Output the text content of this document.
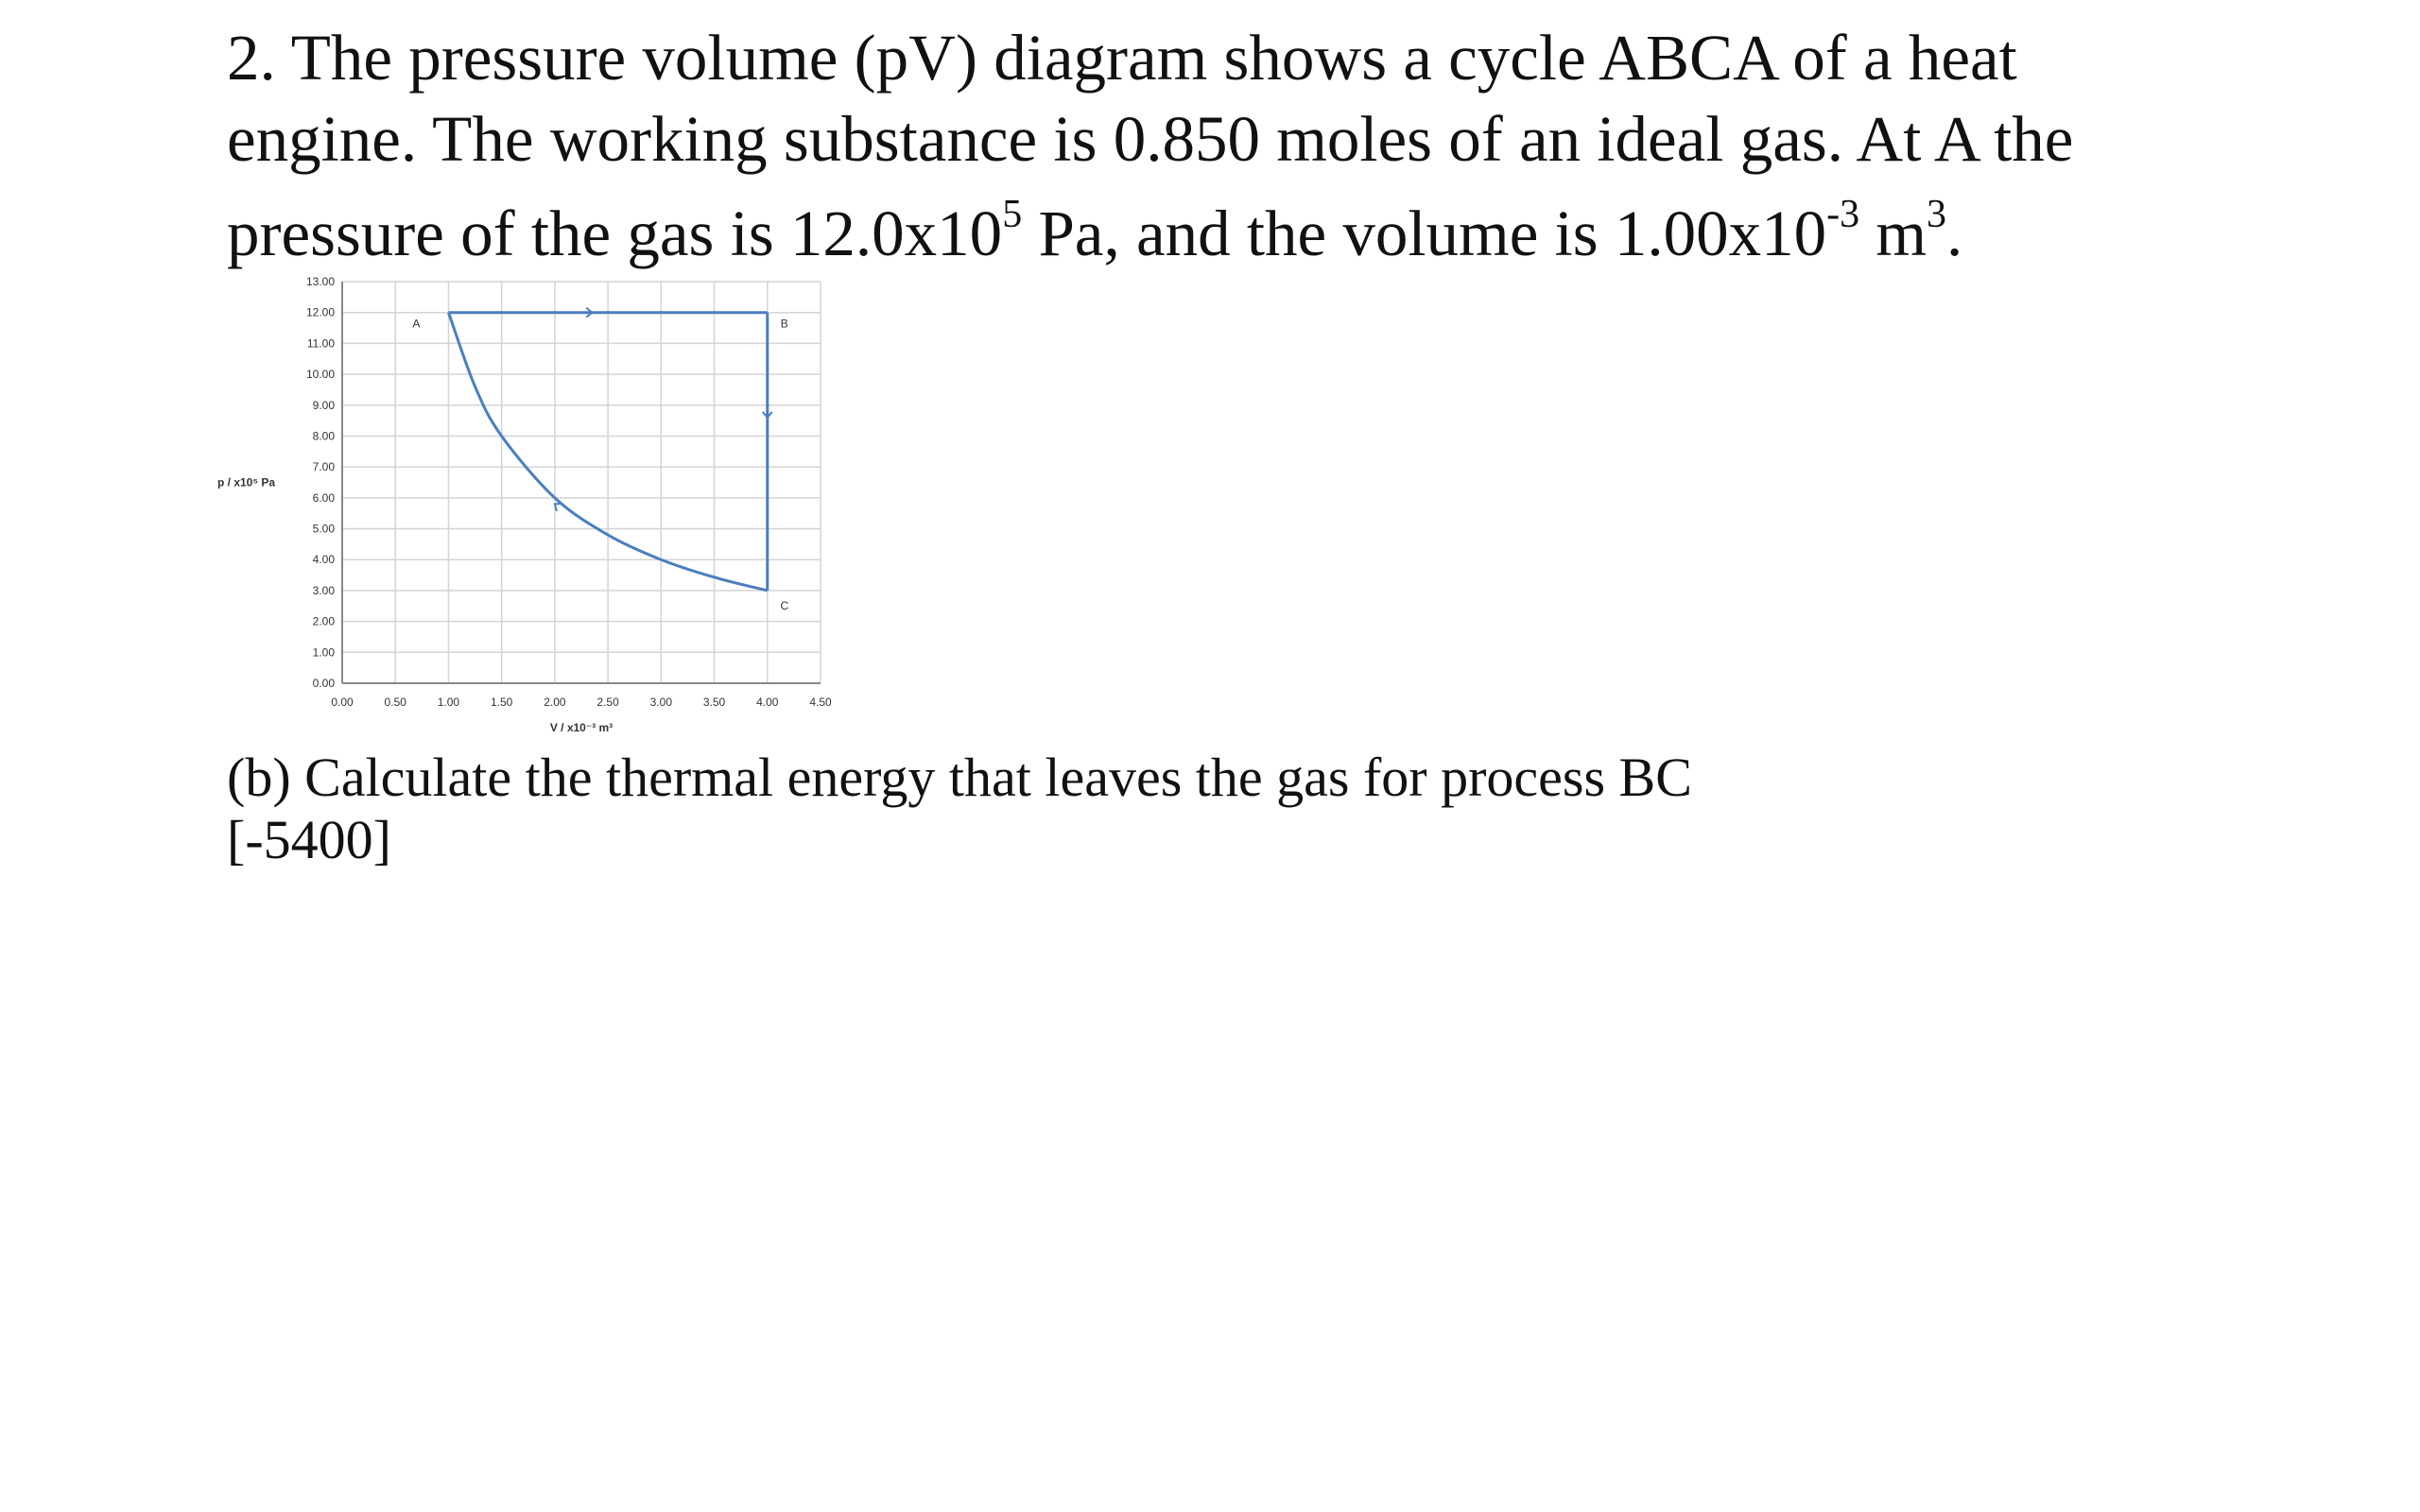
2. The pressure volume (pV) diagram shows a cycle ABCA of a heat
engine. The working substance is 0.850 moles of an ideal gas. At A the
pressure of the gas is $12.0x10^5$ Pa, and the volume is $1.00x10^{-3}$ $m^3$.

0.00	0.50	1.00	1.50	2.00	2.50	3.00	3.50	4.00	4.50
0.00
1.00
2.00
3.00
4.00
5.00
6.00
7.00
8.00
9.00
10.00
11.00
12.00
13.00
V / x10⁻³ m³
p / x10⁵ Pa
A	B
C

(b) Calculate the thermal energy that leaves the gas for process BC
[-5400]
